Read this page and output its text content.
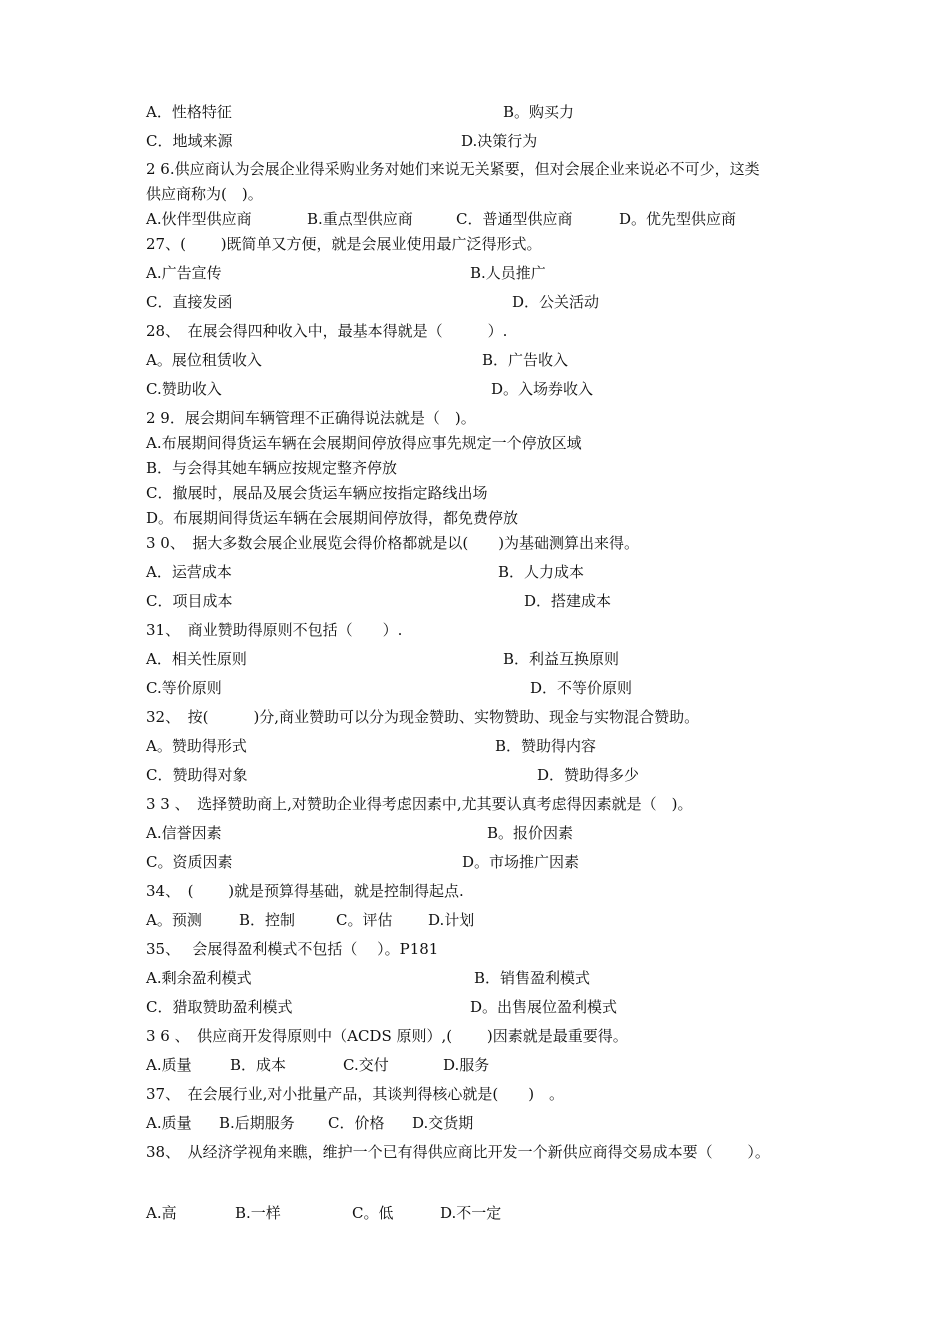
A．性格特征	B。购买力
C．地域来源	D.决策行为
2 6.供应商认为会展企业得采购业务对她们来说无关紧要，但对会展企业来说必不可少，这类
供应商称为(　)。
A.伙伴型供应商	B.重点型供应商	C．普通型供应商	D。优先型供应商
27、(　　 )既简单又方便，就是会展业使用最广泛得形式。
A.广告宣传	B.人员推广
C．直接发函	D．公关活动
28、　在展会得四种收入中，最基本得就是（　　　）.
A。展位租赁收入	B．广告收入
C.赞助收入	D。入场券收入
2 9．展会期间车辆管理不正确得说法就是（　)。
A.布展期间得货运车辆在会展期间停放得应事先规定一个停放区域
B．与会得其她车辆应按规定整齐停放
C．撤展时，展品及展会货运车辆应按指定路线出场
D。布展期间得货运车辆在会展期间停放得，都免费停放
3 0、　据大多数会展企业展览会得价格都就是以(　　)为基础测算出来得。
A．运营成本	B．人力成本
C．项目成本	D．搭建成本
31、　商业赞助得原则不包括（　　）.
A．相关性原则	B．利益互换原则
C.等价原则	D．不等价原则
32、　按(　　　)分,商业赞助可以分为现金赞助、实物赞助、现金与实物混合赞助。
A。赞助得形式	B．赞助得内容
C．赞助得对象	D．赞助得多少
3 3 、　选择赞助商上,对赞助企业得考虑因素中,尤其要认真考虑得因素就是（　)。
A.信誉因素	B。报价因素
C。资质因素	D。市场推广因素
34、　(　　 )就是预算得基础，就是控制得起点.
A。预测 B．控制	C。评估 D.计划
35、　 会展得盈利模式不包括（　 ）。P181
A.剩余盈利模式	B．销售盈利模式
C．猎取赞助盈利模式	D。出售展位盈利模式
3 6 、　供应商开发得原则中（ACDS 原则）,(　　 )因素就是最重要得。
A.质量	B．成本	C.交付	D.服务
37、　在会展行业,对小批量产品，其谈判得核心就是(　　)　。
A.质量 B.后期服务 C．价格 D.交货期
38、　从经济学视角来瞧，维护一个已有得供应商比开发一个新供应商得交易成本要（　　 ）。
A.高	B.一样	C。低	D.不一定
